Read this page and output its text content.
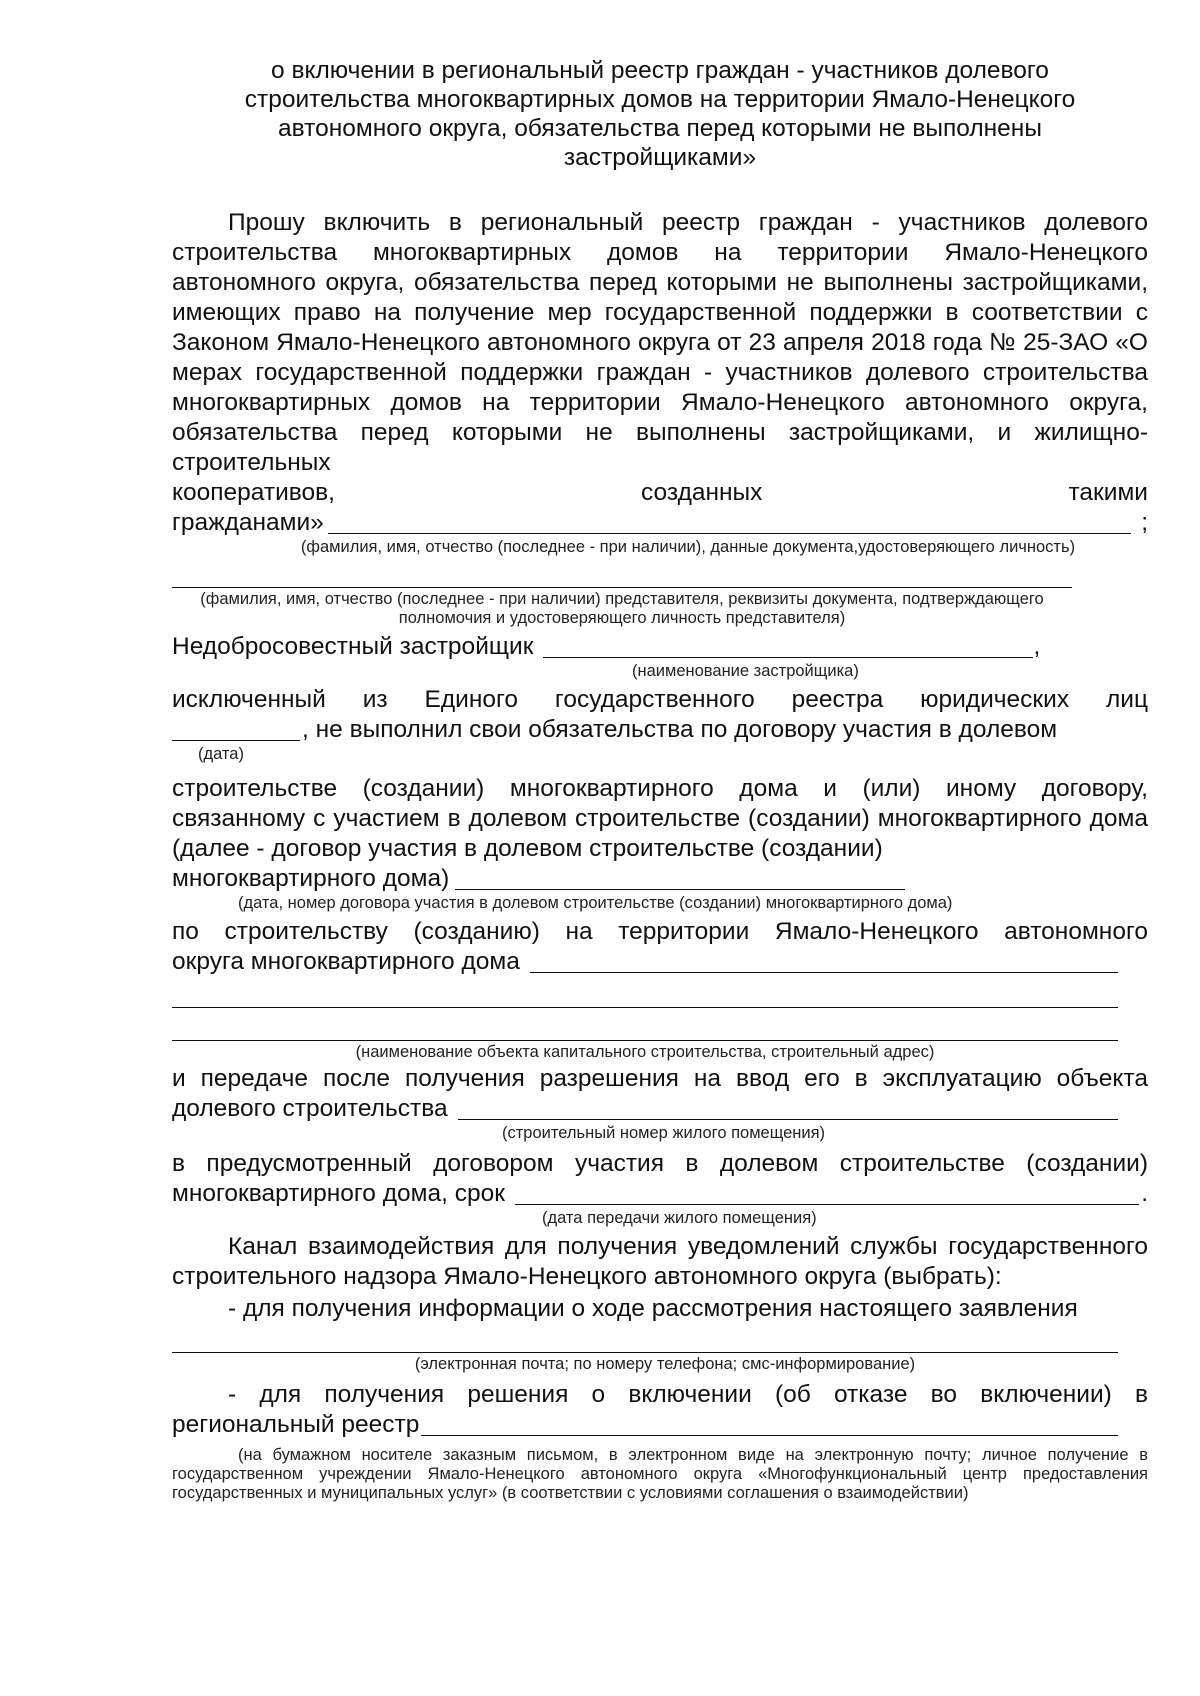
о включении в региональный реестр граждан - участников долевого
строительства многоквартирных домов на территории Ямало-Ненецкого
автономного округа, обязательства перед которыми не выполнены
застройщиками»

Прошу включить в региональный реестр граждан - участников долевого строительства многоквартирных домов на территории Ямало-Ненецкого автономного округа, обязательства перед которыми не выполнены застройщиками, имеющих право на получение мер государственной поддержки в соответствии с Законом Ямало-Ненецкого автономного округа от 23 апреля 2018 года № 25-ЗАО «О мерах государственной поддержки граждан - участников долевого строительства многоквартирных домов на территории Ямало-Ненецкого автономного округа, обязательства перед которыми не выполнены застройщиками, и жилищно-строительных

кооперативов,	созданных	такими
гражданами»	;

(фамилия, имя, отчество (последнее - при наличии), данные документа,удостоверяющего личность)

(фамилия, имя, отчество (последнее - при наличии) представителя, реквизиты документа, подтверждающего полномочия и удостоверяющего личность представителя)

Недобросовестный застройщик	,

(наименование застройщика)

исключенный из Единого государственного реестра юридических лиц

, не выполнил свои обязательства по договору участия в долевом

(дата)

строительстве (создании) многоквартирного дома и (или) иному договору, связанному с участием в долевом строительстве (создании) многоквартирного дома (далее - договор участия в долевом строительстве (создании)

многоквартирного дома)

(дата, номер договора участия в долевом строительстве (создании) многоквартирного дома)

по строительству (созданию) на территории Ямало-Ненецкого автономного

округа многоквартирного дома

(наименование объекта капитального строительства, строительный адрес)

и передаче после получения разрешения на ввод его в эксплуатацию объекта

долевого строительства

(строительный номер жилого помещения)

в предусмотренный договором участия в долевом строительстве (создании)

многоквартирного дома, срок	.

(дата передачи жилого помещения)

Канал взаимодействия для получения уведомлений службы государственного строительного надзора Ямало-Ненецкого автономного округа (выбрать):

- для получения информации о ходе рассмотрения настоящего заявления

(электронная почта; по номеру телефона; смс-информирование)

- для получения решения о включении (об отказе во включении) в

региональный реестр

(на бумажном носителе заказным письмом, в электронном виде на электронную почту; личное получение в государственном учреждении Ямало-Ненецкого автономного округа «Многофункциональный центр предоставления государственных и муниципальных услуг» (в соответствии с условиями соглашения о взаимодействии)
